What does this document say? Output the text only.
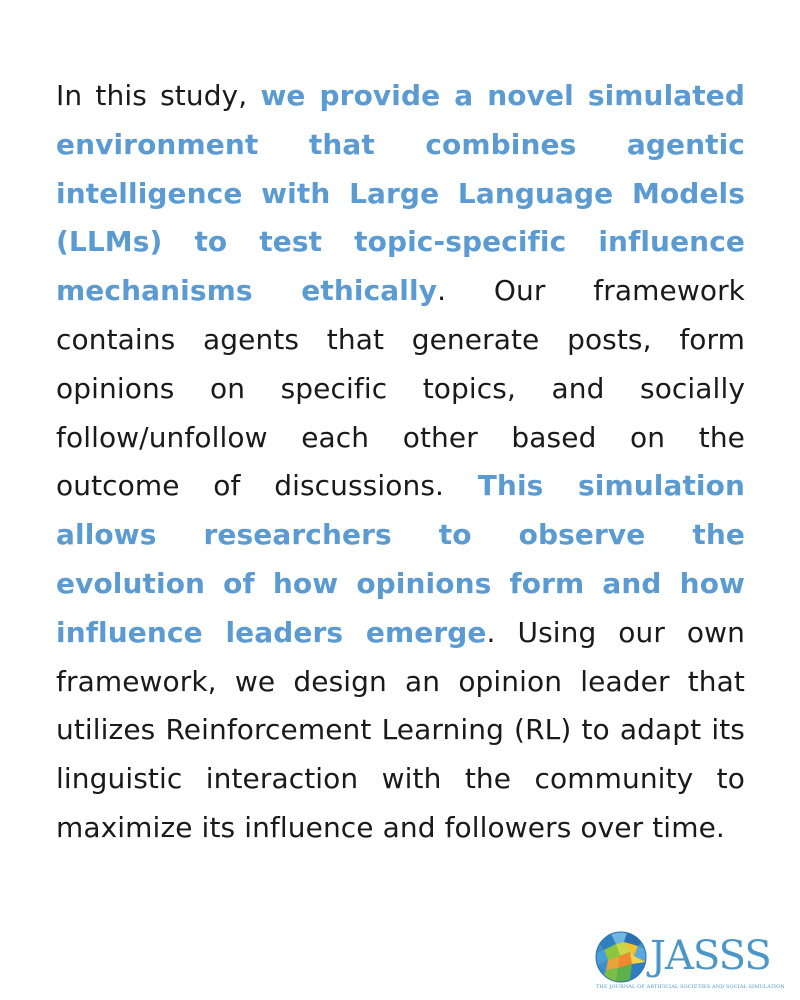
In this study, we provide a novel simulated environment that combines agentic intelligence with Large Language Models (LLMs) to test topic-specific influence mechanisms ethically. Our framework contains agents that generate posts, form opinions on specific topics, and socially follow/unfollow each other based on the outcome of discussions. This simulation allows researchers to observe the evolution of how opinions form and how influence leaders emerge. Using our own framework, we design an opinion leader that utilizes Reinforcement Learning (RL) to adapt its linguistic interaction with the community to maximize its influence and followers over time.

JASSS
THE JOURNAL OF ARTIFICIAL SOCIETIES AND SOCIAL SIMULATION
